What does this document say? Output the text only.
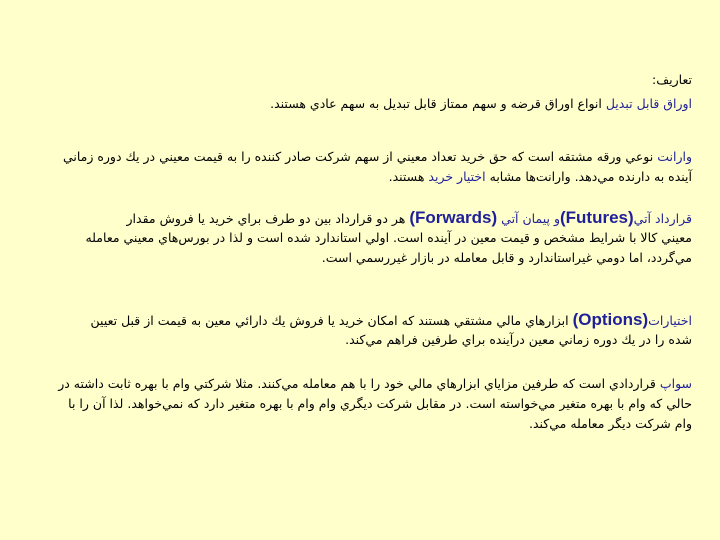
تعاريف:
اوراق قابل تبديل انواع اوراق قرضه و سهم ممتاز قابل تبديل به سهم عادي هستند.
وارانت نوعي ورقه مشتقه است كه حق خريد تعداد معيني از سهم شركت صادر كننده را به قيمت معيني در يك دوره زماني
آينده به دارنده مي‌دهد. وارانت‌ها مشابه اختيار خريد هستند.
قرارداد آتي(Futures)و پيمان آتي (Forwards) هر دو قرارداد بين دو طرف براي خريد يا فروش مقدار
معيني كالا با شرايط مشخص و قيمت معين در آينده است. اولي استاندارد شده است و لذا در بورس‌هاي معيني معامله
مي‌گردد، اما دومي غيراستاندارد و قابل معامله در بازار غيررسمي است.
اختيارات(Options) ابزارهاي مالي مشتقي هستند كه امكان خريد يا فروش يك دارائي معين به قيمت از قبل تعيين
شده را در يك دوره زماني معين درآينده براي طرفين فراهم مي‌كند.
سواپ قراردادي است كه طرفين مزاياي ابزارهاي مالي خود را با هم معامله مي‌كنند. مثلا شركتي وام با بهره ثابت داشته در
حالي كه وام با بهره متغير مي‌خواسته است. در مقابل شركت ديگري وام وام با بهره متغير دارد كه نمي‌خواهد. لذا آن را با
وام شركت ديگر معامله مي‌كند.
